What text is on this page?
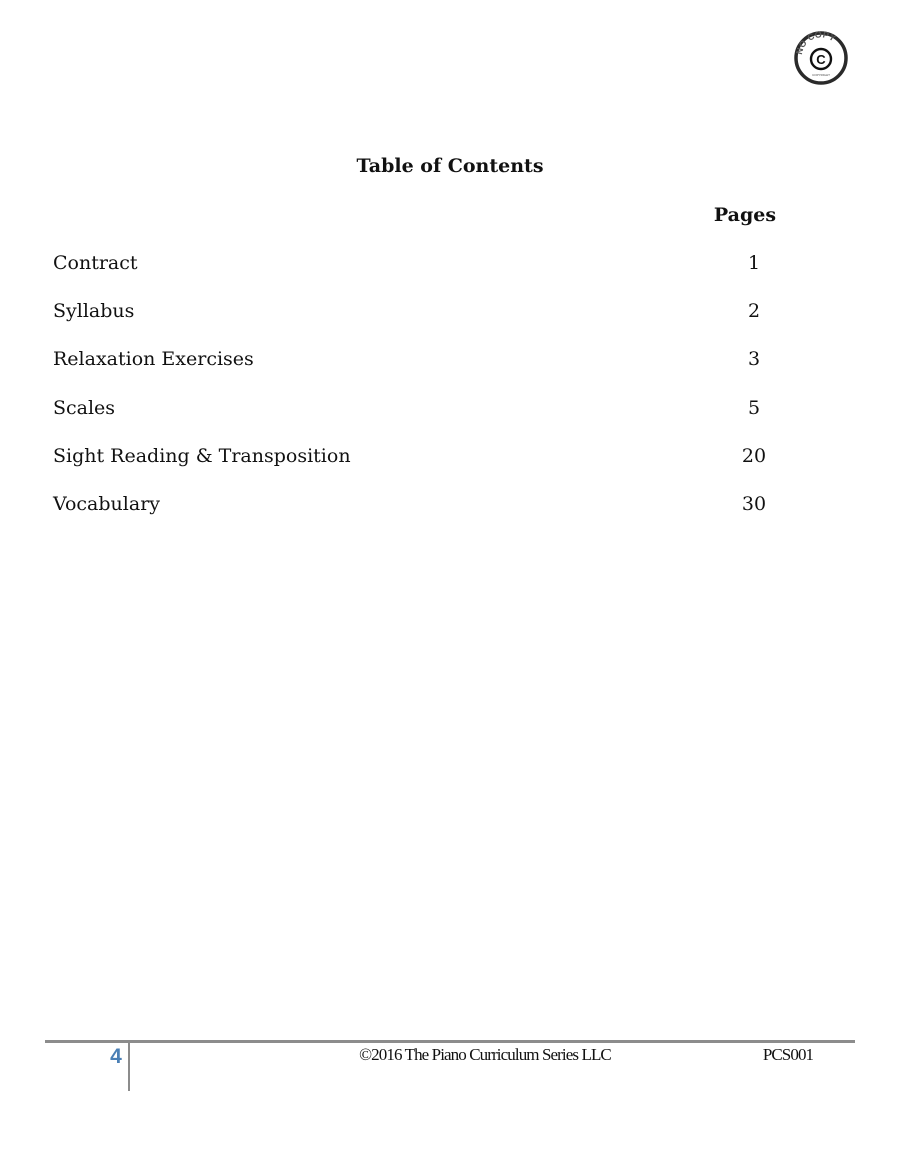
NO COPY
C
COPYRIGHT
Table of Contents
Pages
Contract	1
Syllabus	2
Relaxation Exercises	3
Scales	5
Sight Reading & Transposition	20
Vocabulary	30
4	©2016 The Piano Curriculum Series LLC	PCS001
